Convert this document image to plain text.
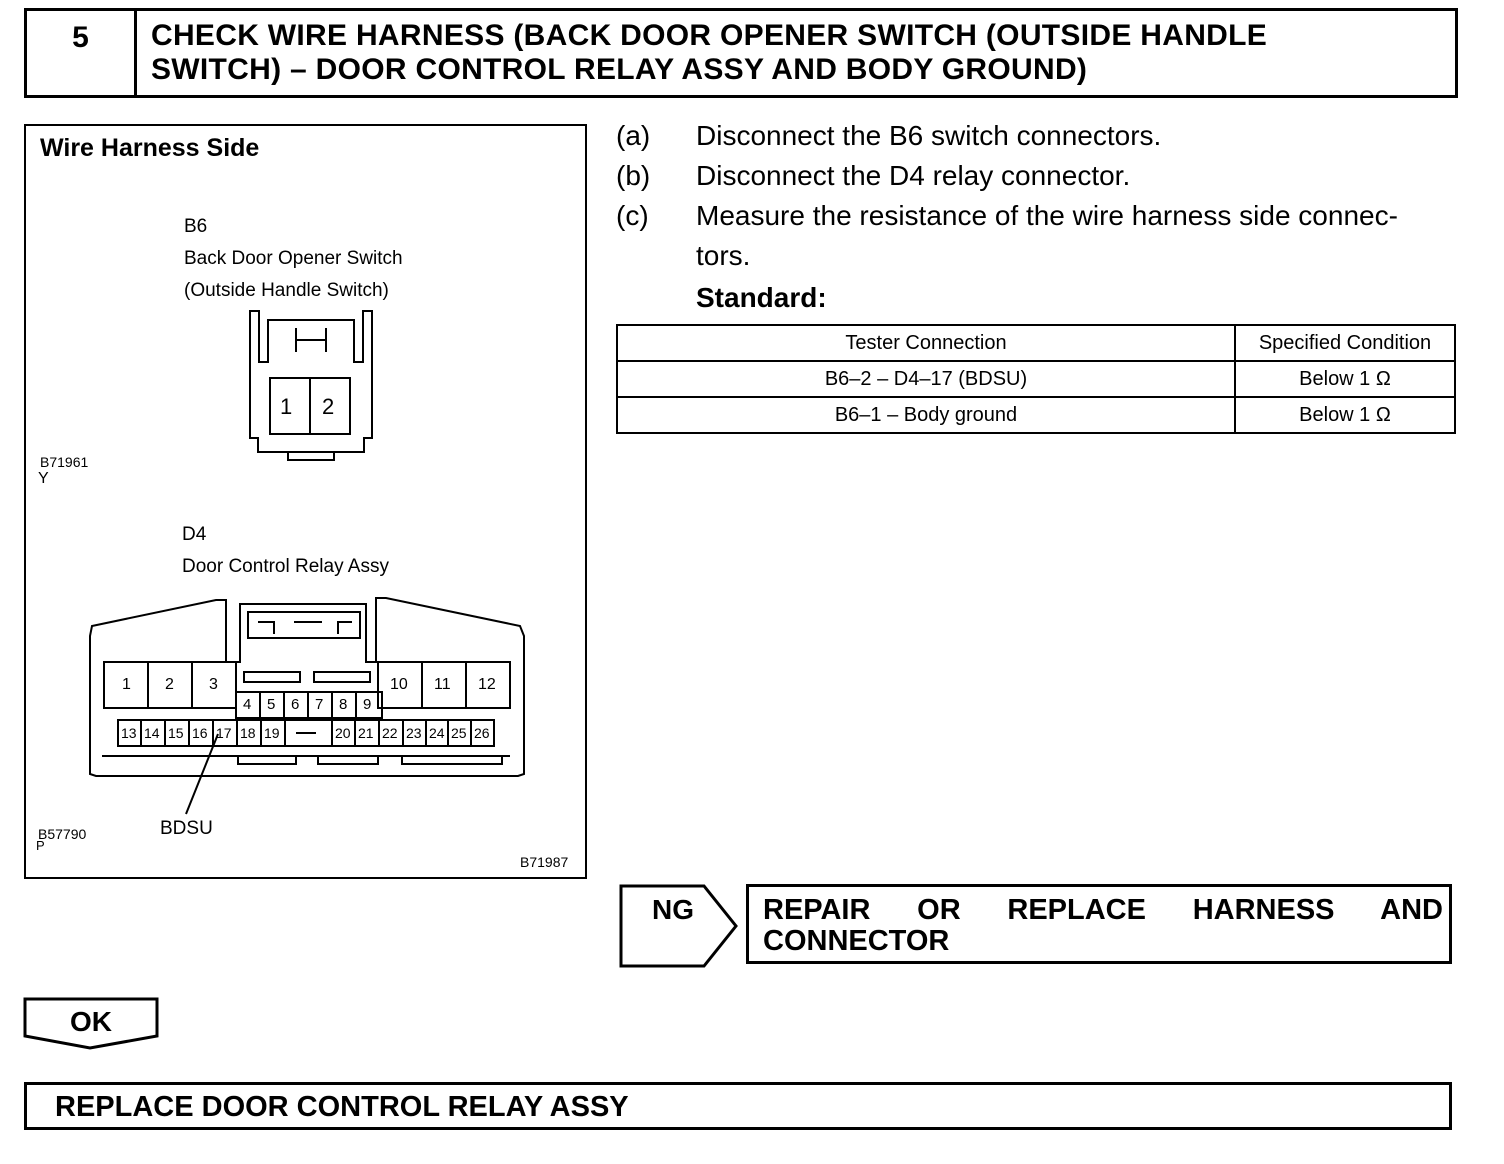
5	CHECK WIRE HARNESS (BACK DOOR OPENER SWITCH (OUTSIDE HANDLE
SWITCH) – DOOR CONTROL RELAY ASSY AND BODY GROUND)
Wire Harness Side
B6
Back Door Opener Switch
(Outside Handle Switch)
1 2
B71961
Y
D4
Door Control Relay Assy
1 2 3	10 11 12
4 5 6 7 8 9
13 14 15 16 17 18 19	20 21 22 23 24 25 26
BDSU
B57790
P
B71987
(a) Disconnect the B6 switch connectors.
(b) Disconnect the D4 relay connector.
(c) Measure the resistance of the wire harness side connec-
tors.
Standard:
Tester Connection	Specified Condition
B6–2 – D4–17 (BDSU)	Below 1 Ω
B6–1 – Body ground	Below 1 Ω
NG REPAIR OR REPLACE HARNESS AND CONNECTOR
OK
REPLACE DOOR CONTROL RELAY ASSY
